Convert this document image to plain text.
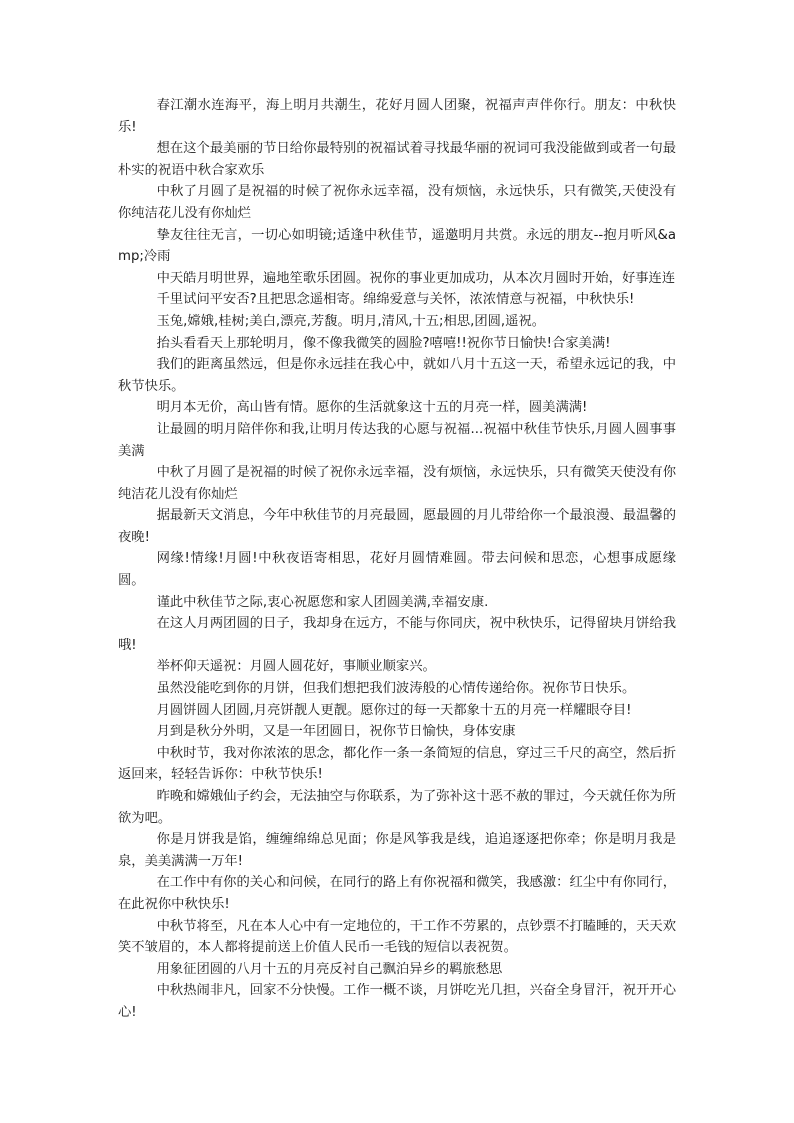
春江潮水连海平，海上明月共潮生，花好月圆人团聚，祝福声声伴你行。朋友：中秋快乐!

想在这个最美丽的节日给你最特别的祝福试着寻找最华丽的祝词可我没能做到或者一句最朴实的祝语中秋合家欢乐

中秋了月圆了是祝福的时候了祝你永远幸福，没有烦恼，永远快乐，只有微笑,天使没有你纯洁花儿没有你灿烂

挚友往往无言，一切心如明镜;适逢中秋佳节，遥邀明月共赏。永远的朋友--抱月听风&amp;冷雨

中天皓月明世界，遍地笙歌乐团圆。祝你的事业更加成功，从本次月圆时开始，好事连连

千里试问平安否?且把思念遥相寄。绵绵爱意与关怀，浓浓情意与祝福，中秋快乐!

玉兔,嫦娥,桂树;美白,漂亮,芳馥。明月,清风,十五;相思,团圆,遥祝。

抬头看看天上那轮明月，像不像我微笑的圆脸?嘻嘻!!祝你节日愉快!合家美满!

我们的距离虽然远，但是你永远挂在我心中，就如八月十五这一天，希望永远记的我，中秋节快乐。

明月本无价，高山皆有情。愿你的生活就象这十五的月亮一样，圆美满满!

让最圆的明月陪伴你和我,让明月传达我的心愿与祝福...祝福中秋佳节快乐,月圆人圆事事美满

中秋了月圆了是祝福的时候了祝你永远幸福，没有烦恼，永远快乐，只有微笑天使没有你纯洁花儿没有你灿烂

据最新天文消息，今年中秋佳节的月亮最圆，愿最圆的月儿带给你一个最浪漫、最温馨的夜晚!

网缘!情缘!月圆!中秋夜语寄相思，花好月圆情难圆。带去问候和思恋，心想事成愿缘圆。

谨此中秋佳节之际,衷心祝愿您和家人团圆美满,幸福安康.

在这人月两团圆的日子，我却身在远方，不能与你同庆，祝中秋快乐，记得留块月饼给我哦!

举杯仰天遥祝：月圆人圆花好，事顺业顺家兴。

虽然没能吃到你的月饼，但我们想把我们波涛般的心情传递给你。祝你节日快乐。

月圆饼圆人团圆,月亮饼靓人更靓。愿你过的每一天都象十五的月亮一样耀眼夺目!

月到是秋分外明，又是一年团圆日，祝你节日愉快，身体安康

中秋时节，我对你浓浓的思念，都化作一条一条简短的信息，穿过三千尺的高空，然后折返回来，轻轻告诉你：中秋节快乐!

昨晚和嫦娥仙子约会，无法抽空与你联系，为了弥补这十恶不赦的罪过，今天就任你为所欲为吧。

你是月饼我是馅，缠缠绵绵总见面；你是风筝我是线，追追逐逐把你牵；你是明月我是泉，美美满满一万年!

在工作中有你的关心和问候，在同行的路上有你祝福和微笑，我感激：红尘中有你同行，在此祝你中秋快乐!

中秋节将至，凡在本人心中有一定地位的，干工作不劳累的，点钞票不打瞌睡的，天天欢笑不皱眉的，本人都将提前送上价值人民币一毛钱的短信以表祝贺。

用象征团圆的八月十五的月亮反衬自己飘泊异乡的羁旅愁思

中秋热闹非凡，回家不分快慢。工作一概不谈，月饼吃光几担，兴奋全身冒汗，祝开开心心!
